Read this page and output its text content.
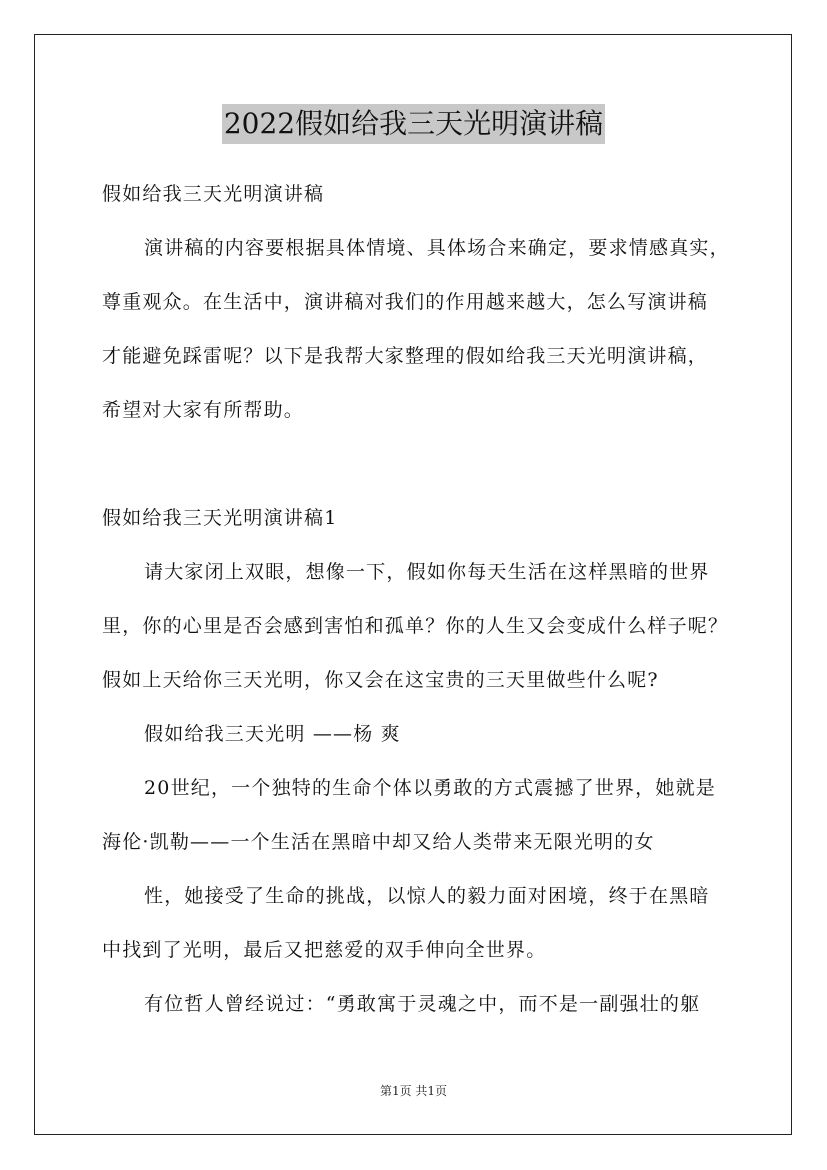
2022假如给我三天光明演讲稿
假如给我三天光明演讲稿
演讲稿的内容要根据具体情境、具体场合来确定，要求情感真实，
尊重观众。在生活中，演讲稿对我们的作用越来越大，怎么写演讲稿
才能避免踩雷呢？以下是我帮大家整理的假如给我三天光明演讲稿，
希望对大家有所帮助。
假如给我三天光明演讲稿1
请大家闭上双眼，想像一下，假如你每天生活在这样黑暗的世界
里，你的心里是否会感到害怕和孤单？你的人生又会变成什么样子呢？
假如上天给你三天光明，你又会在这宝贵的三天里做些什么呢?
假如给我三天光明 ——杨 爽
20世纪，一个独特的生命个体以勇敢的方式震撼了世界，她就是
海伦·凯勒——一个生活在黑暗中却又给人类带来无限光明的女
性，她接受了生命的挑战，以惊人的毅力面对困境，终于在黑暗
中找到了光明，最后又把慈爱的双手伸向全世界。
有位哲人曾经说过：“勇敢寓于灵魂之中，而不是一副强壮的躯
第1页 共1页
